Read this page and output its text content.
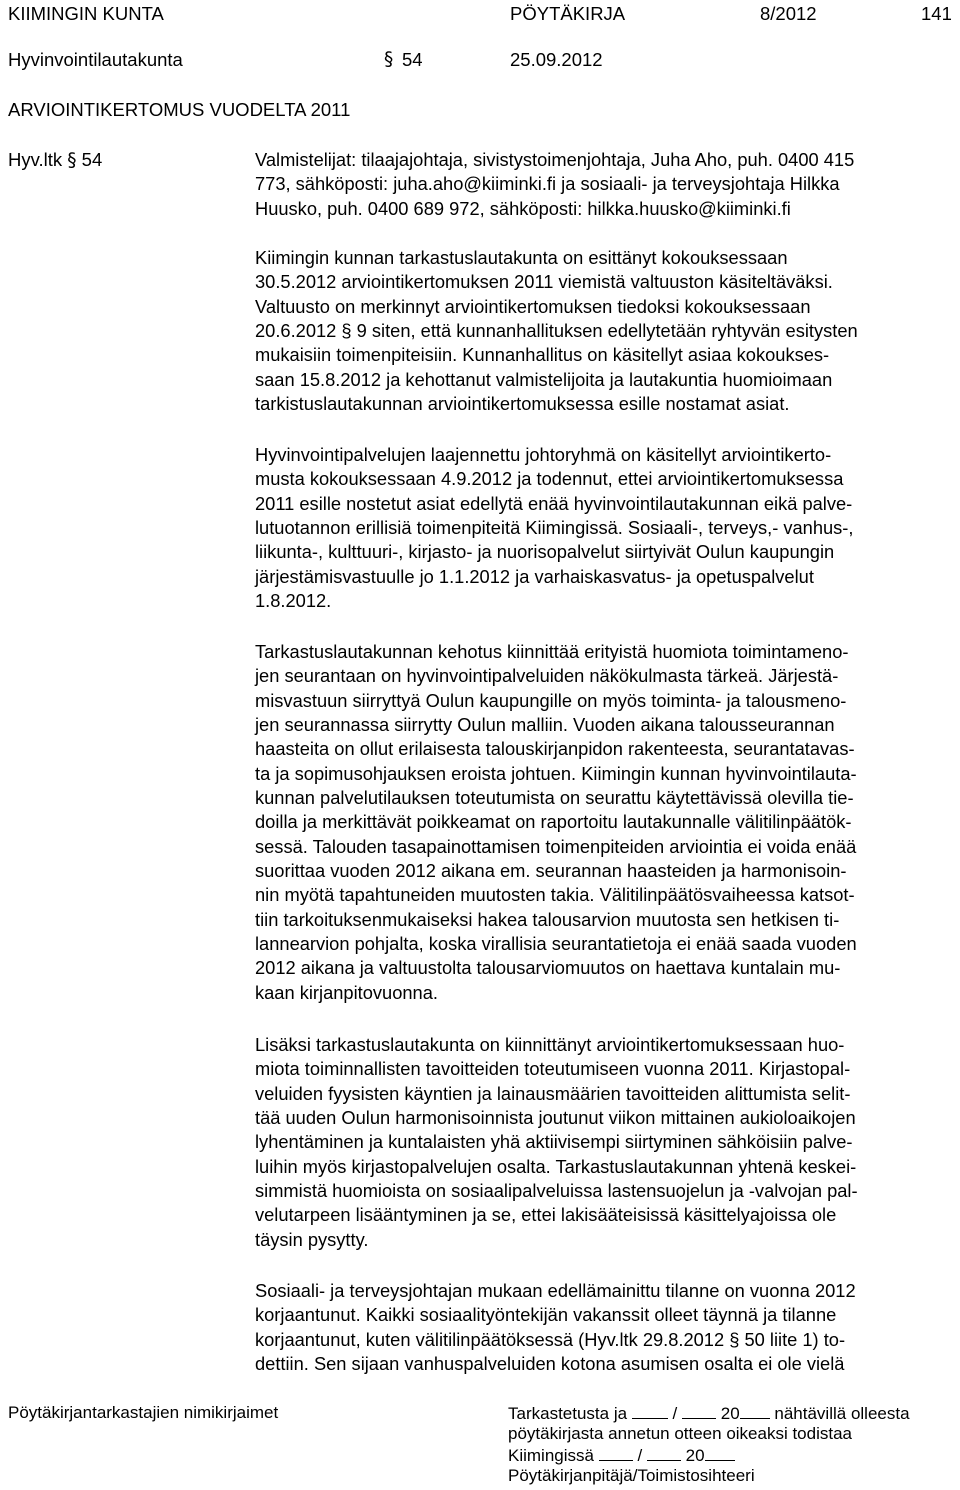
KIIMINGIN KUNTA	PÖYTÄKIRJA	8/2012	141
Hyvinvointilautakunta	§ 54	25.09.2012
ARVIOINTIKERTOMUS VUODELTA 2011
Hyv.ltk § 54	Valmistelijat: tilaajajohtaja, sivistystoimenjohtaja, Juha Aho, puh. 0400 415
773, sähköposti: juha.aho@kiiminki.fi ja sosiaali- ja terveysjohtaja Hilkka
Huusko, puh. 0400 689 972, sähköposti: hilkka.huusko@kiiminki.fi
Kiimingin kunnan tarkastuslautakunta on esittänyt kokouksessaan
30.5.2012 arviointikertomuksen 2011 viemistä valtuuston käsiteltäväksi.
Valtuusto on merkinnyt arviointikertomuksen tiedoksi kokouksessaan
20.6.2012 § 9 siten, että kunnanhallituksen edellytetään ryhtyvän esitysten
mukaisiin toimenpiteisiin. Kunnanhallitus on käsitellyt asiaa kokoukses-
saan 15.8.2012 ja kehottanut valmistelijoita ja lautakuntia huomioimaan
tarkistuslautakunnan arviointikertomuksessa esille nostamat asiat.
Hyvinvointipalvelujen laajennettu johtoryhmä on käsitellyt arviointikerto-
musta kokouksessaan 4.9.2012 ja todennut, ettei arviointikertomuksessa
2011 esille nostetut asiat edellytä enää hyvinvointilautakunnan eikä palve-
lutuotannon erillisiä toimenpiteitä Kiimingissä. Sosiaali-, terveys,- vanhus-,
liikunta-, kulttuuri-, kirjasto- ja nuorisopalvelut siirtyivät Oulun kaupungin
järjestämisvastuulle jo 1.1.2012 ja varhaiskasvatus- ja opetuspalvelut
1.8.2012.
Tarkastuslautakunnan kehotus kiinnittää erityistä huomiota toimintameno-
jen seurantaan on hyvinvointipalveluiden näkökulmasta tärkeä. Järjestä-
misvastuun siirryttyä Oulun kaupungille on myös toiminta- ja talousmeno-
jen seurannassa siirrytty Oulun malliin. Vuoden aikana talousseurannan
haasteita on ollut erilaisesta talouskirjanpidon rakenteesta, seurantatavas-
ta ja sopimusohjauksen eroista johtuen. Kiimingin kunnan hyvinvointilauta-
kunnan palvelutilauksen toteutumista on seurattu käytettävissä olevilla tie-
doilla ja merkittävät poikkeamat on raportoitu lautakunnalle välitilinpäätök-
sessä. Talouden tasapainottamisen toimenpiteiden arviointia ei voida enää
suorittaa vuoden 2012 aikana em. seurannan haasteiden ja harmonisoin-
nin myötä tapahtuneiden muutosten takia. Välitilinpäätösvaiheessa katsot-
tiin tarkoituksenmukaiseksi hakea talousarvion muutosta sen hetkisen ti-
lannearvion pohjalta, koska virallisia seurantatietoja ei enää saada vuoden
2012 aikana ja valtuustolta talousarviomuutos on haettava kuntalain mu-
kaan kirjanpitovuonna.
Lisäksi tarkastuslautakunta on kiinnittänyt arviointikertomuksessaan huo-
miota toiminnallisten tavoitteiden toteutumiseen vuonna 2011. Kirjastopal-
veluiden fyysisten käyntien ja lainausmäärien tavoitteiden alittumista selit-
tää uuden Oulun harmonisoinnista joutunut viikon mittainen aukioloaikojen
lyhentäminen ja kuntalaisten yhä aktiivisempi siirtyminen sähköisiin palve-
luihin myös kirjastopalvelujen osalta. Tarkastuslautakunnan yhtenä keskei-
simmistä huomioista on sosiaalipalveluissa lastensuojelun ja -valvojan pal-
velutarpeen lisääntyminen ja se, ettei lakisääteisissä käsittelyajoissa ole
täysin pysytty.
Sosiaali- ja terveysjohtajan mukaan edellämainittu tilanne on vuonna 2012
korjaantunut. Kaikki sosiaalityöntekijän vakanssit olleet täynnä ja tilanne
korjaantunut, kuten välitilinpäätöksessä (Hyv.ltk 29.8.2012 § 50 liite 1) to-
dettiin. Sen sijaan vanhuspalveluiden kotona asumisen osalta ei ole vielä
Pöytäkirjantarkastajien nimikirjaimet	Tarkastetusta ja	/	20 nähtävillä olleesta
pöytäkirjasta annetun otteen oikeaksi todistaa
Kiimingissä	/	20
Pöytäkirjanpitäjä/Toimistosihteeri
